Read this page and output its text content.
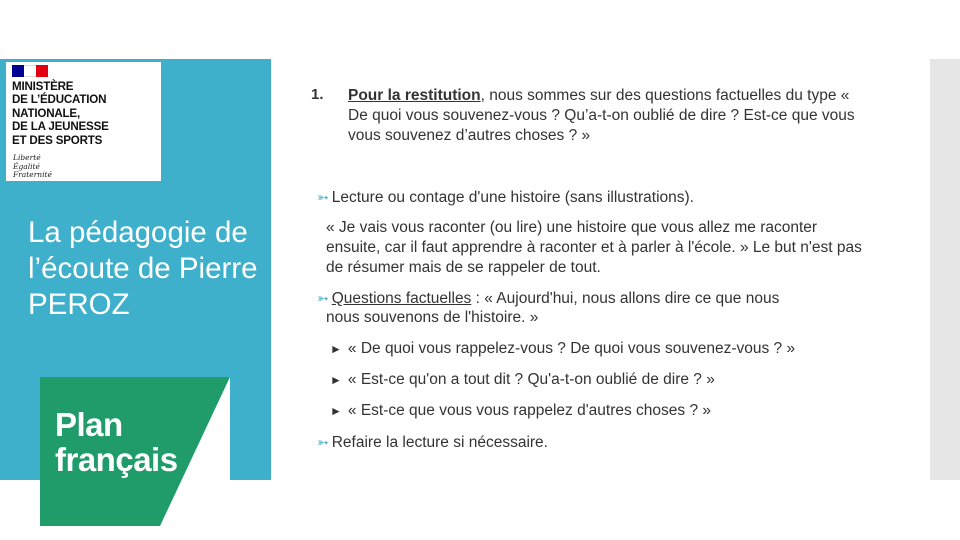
MINISTÈRE
DE L’ÉDUCATION
NATIONALE,
DE LA JEUNESSE
ET DES SPORTS
Liberté
Égalité
Fraternité
La pédagogie de l’écoute de Pierre PEROZ
Plan
français
1. Pour la restitution, nous sommes sur des questions factuelles du type « De quoi vous souvenez-vous ? Qu’a-t-on oublié de dire ? Est-ce que vous vous souvenez d’autres choses ? »
➳ Lecture ou contage d'une histoire (sans illustrations).
« Je vais vous raconter (ou lire) une histoire que vous allez me raconter ensuite, car il faut apprendre à raconter et à parler à l'école. » Le but n'est pas de résumer mais de se rappeler de tout.
➳ Questions factuelles : « Aujourd'hui, nous allons dire ce que nous
nous souvenons de l'histoire. »
► « De quoi vous rappelez-vous ? De quoi vous souvenez-vous ? »
► « Est-ce qu'on a tout dit ? Qu'a-t-on oublié de dire ? »
► « Est-ce que vous vous rappelez d'autres choses ? »
➳ Refaire la lecture si nécessaire.
